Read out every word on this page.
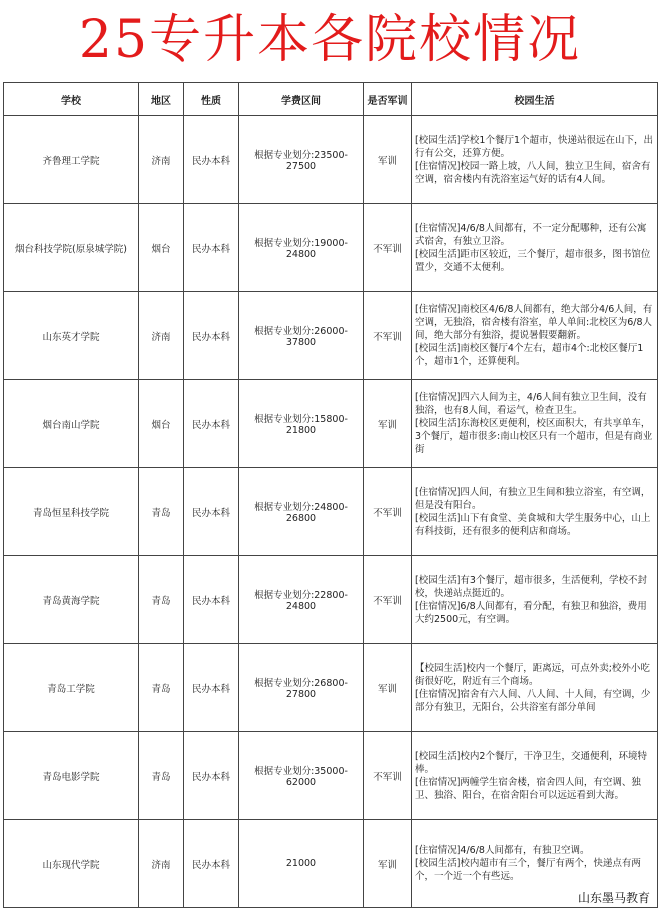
25专升本各院校情况
学校	地区	性质	学费区间	是否军训	校园生活
齐鲁理工学院	济南	民办本科	根据专业划分:23500-27500	军训	[校园生活]学校1个餐厅1个超市，快递站很远在山下，出行有公交，还算方便。
[住宿情况]校园一路上坡，八人间，独立卫生间，宿舍有空调，宿舍楼内有洗浴室运气好的话有4人间。
烟台科技学院(原泉城学院)	烟台	民办本科	根据专业划分:19000-24800	不军训	[住宿情况]4/6/8人间都有，不一定分配哪种，还有公寓式宿舍，有独立卫浴。
[校园生活]距市区较近，三个餐厅，超市很多，图书馆位置少，交通不太便利。
山东英才学院	济南	民办本科	根据专业划分:26000-37800	不军训	[住宿情况]南校区4/6/8人间都有，绝大部分4/6人间，有空调，无独浴，宿舍楼有浴室，单人单间:北校区为6/8人间，绝大部分有独浴，提说暑假要翻新。
[校园生活]南校区餐厅4个左右，超市4个:北校区餐厅1个，超市1个，还算便利。
烟台南山学院	烟台	民办本科	根据专业划分:15800-21800	军训	[住宿情况]四六人间为主，4/6人间有独立卫生间，没有独浴，也有8人间，看运气，检查卫生。
[校园生活]东海校区更便利，校区面积大，有共享单车，3个餐厅，超市很多:南山校区只有一个超市，但是有商业街
青岛恒星科技学院	青岛	民办本科	根据专业划分:24800-26800	不军训	[住宿情况]四人间，有独立卫生间和独立浴室，有空调，但是没有阳台。
[校园生活]山下有食堂、美食城和大学生服务中心，山上有科技街，还有很多的便利店和商场。
青岛黄海学院	青岛	民办本科	根据专业划分:22800-24800	不军训	[校园生活]有3个餐厅，超市很多，生活便利，学校不封校，快递站点挺近的。
[住宿情况]6/8人间都有，看分配，有独卫和独浴，费用大约2500元，有空调。
青岛工学院	青岛	民办本科	根据专业划分:26800-27800	军训	【校园生活]校内一个餐厅，距离远，可点外卖;校外小吃街很好吃，附近有三个商场。
[住宿情况]宿舍有六人间、八人间、十人间，有空调，少部分有独卫，无阳台，公共浴室有部分单间
青岛电影学院	青岛	民办本科	根据专业划分:35000-62000	不军训	[校园生活]校内2个餐厅，干净卫生，交通便利，环境特棒。
[住宿情况]两幢学生宿舍楼，宿舍四人间，有空调、独卫、独浴、阳台，在宿舍阳台可以远远看到大海。
山东现代学院	济南	民办本科	21000	军训	[住宿情况]4/6/8人间都有，有独卫空调。
[校园生活]校内超市有三个，餐厅有两个，快递点有两个，一个近一个有些远。
山东墨马教育
